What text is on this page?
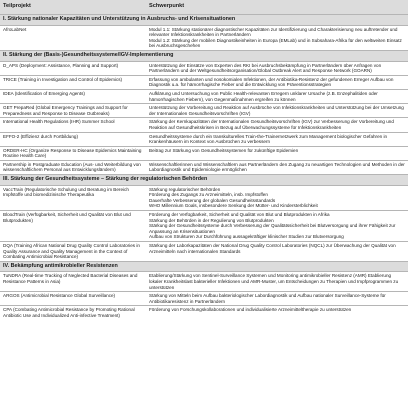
Teilprojekt	Schwerpunkt
I. Stärkung nationaler Kapazitäten und Unterstützung in Ausbruchs- und Krisensituationen	
AfroLabNet	Modul 1.1: Stärkung stationärer diagnostischer Kapazitäten zur Identifizierung und Charakterisierung neu auftretender und relevanter Infektionskrankheiten in Partnerländern
Modul 1.2: Stärkung der mobilen Diagnostikeinheiten in Europa (EMLab) und in Subsahara-Afrika für den weltweiten Einsatz bei Ausbruchsgeschehen
II. Stärkung der (Basis-)Gesundheitssysteme/IGV-Implementierung	
D_APS (Deployment: Assistance, Planning and Support)	Unterstützung der Einsätze von Experten des RKI bei Ausbruchsbekämpfung in Partnerländern über Anfragen von Partnerländern und der Weltgesundheitsorganisation/Global Outbreak Alert and Response Network (GOARN)
TRICE (Training in Investigation and Control of Epidemics)	Erfassung von ambulanten und nosokomialen Infektionen, der Antibiotika-Resistenz der gefundenen Erreger Aufbau von Diagnostik u.a. für hämorrhagische Fieber und die Entwicklung von Präventionsstrategien
IDEA (Identification of Emerging Agents)	Aufklärung und Untersuchung von Public Health-relevanten Erregern unklarer Ursache (z.B. Enzephalitiden oder hämorrhagischen Fiebern), von Gegenmaßnahmen ergreifen zu können
GET PrepaRed (Global Emergency Trainings and Support for Preparedness and Response to Disease Outbreaks)	Unterstützung der Vorbereitung und Reaktion auf Ausbrüche von Infektionskrankheiten und Unterstützung bei der Umsetzung der Internationalen Gesundheitsvorschriften (IGV)
International Health Regulations (IHR) Summer School	Stärkung der Kernkapazitäten der Internationalen Gesundheitsvorschriften (IGV) zur Verbesserung der Vorbereitung und Reaktion auf Gesundheitskrisen in Bezug auf Überwachungssysteme für Infektionskrankheiten
EFFO-2 (Effizienz durch Fortbildung)	Gesundheitssysteme durch ein transkulturelles Train-the-Trainernetzwerk zum Management biologischer Gefahren in Krankenhäusern im Kontext von Ausbrüchen zu verbessern
ORDER-HC (Organize Response to Disease Epidemics Maintaining Routine Health Care)	Beitrag zur Stärkung von Gesundheitssystemen für zukünftige Epidemien
Partnership in Postgraduate Education (Aus- und Weiterbildung von wissenschaftlichem Personal aus Entwicklungsländern)	Wissenschaftlerinnen und Wissenschaftlern aus Partnerländern den Zugang zu neuartigen Technologien und Methoden in der Labordiagnostik und Epidemiologie ermöglichen
III. Stärkung der Gesundheitssysteme – Stärkung der regulatorischen Behörden	
VaccTrain (Regulatorische Schulung und Beratung im Bereich Impfstoffe und biomedizinische Therapeutika	Stärkung regulatorischer Behörden
Förderung des Zugangs zu Arzneimitteln, insb. Impfstoffen
Dauerhafte Verbesserung der globalen Gesundheitsstandards
WHO Millennium Goals, insbesondere Senkung der Mütter- und Kindersterblichkeit
BloodTrain (Verfügbarkeit, Sicherheit und Qualität von Blut und Blutprodukten)	Förderung der Verfügbarkeit, Sicherheit und Qualität von Blut und Blutprodukten in Afrika
Stärkung der Behörden in der Regulierung von Blutprodukten
Stärkung der Gesundheitssysteme durch Verbesserung der Qualitätssicherheit bei Blutversorgung und ihrer Fähigkeit zur Anpassung an Krisensituationen
Aufbau von Strukturen zur Durchführung aussagekräftiger klinischer Studien zur Blutversorgung
DQA (Training African National Drug Quality Control Laboratories in Quality Assurance and Quality Management in the Context of Combating Antimicrobial Resistance)	Stärkung der Laborkapazitäten der National Drug Quality Control Laboratories (NQCL) zur Überwachung der Qualität von Arzneimitteln nach internationalen Standards
IV. Bekämpfung antimikrobieller Resistenzen	
TuNDRA (Real-time Tracking of Neglected Bacterial Diseases and Resistance Patterns in Asia)	Etablierung/Stärkung von Sentinel-Surveillance Systemen und Monitoring antimikrobieller Resistenz (AMR) Etablierung lokaler Krankheitslast bakterieller Infektionen und AMR-Muster, um Entscheidungen zu Therapien und Impfprogrammen zu unterstützen
ARGOS (Antimicrobial Resistance Global Surveillance)	Stärkung von Mitteln beim Aufbau bakteriologischer Labordiagnostik und Aufbau nationaler Surveillance-Systeme für Antibiotikaresistenz in Partnerländern
CPA (Combating Antimicrobial Resistance by Promoting Rational Antibiotic Use and Individualized Anti-infective Treatment)	Förderung von Forschungskollaborationen und individualisierte Arzneimitteltherapie zu unterstützen
